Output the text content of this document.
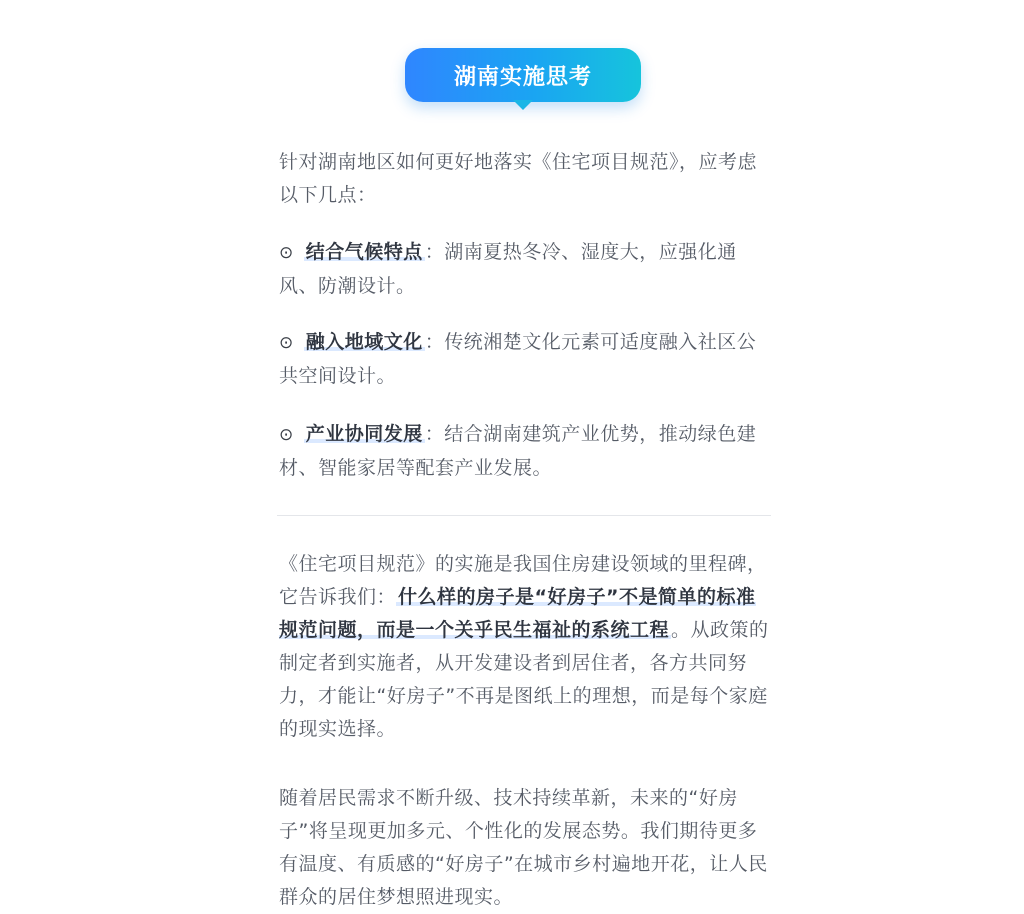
湖南实施思考

针对湖南地区如何更好地落实《住宅项目规范》，应考虑以下几点：

⊙ 结合气候特点 ：湖南夏热冬冷、湿度大，应强化通风、防潮设计。

⊙ 融入地域文化 ：传统湘楚文化元素可适度融入社区公共空间设计。

⊙ 产业协同发展 ：结合湖南建筑产业优势，推动绿色建材、智能家居等配套产业发展。

《住宅项目规范》的实施是我国住房建设领域的里程碑，它告诉我们： 什么样的房子是“好房子”不是简单的标准规范问题，而是一个关乎民生福祉的系统工程 。从政策的制定者到实施者，从开发建设者到居住者，各方共同努力，才能让“好房子”不再是图纸上的理想，而是每个家庭的现实选择。

随着居民需求不断升级、技术持续革新，未来的“好房子”将呈现更加多元、个性化的发展态势。我们期待更多有温度、有质感的“好房子”在城市乡村遍地开花，让人民群众的居住梦想照进现实。
